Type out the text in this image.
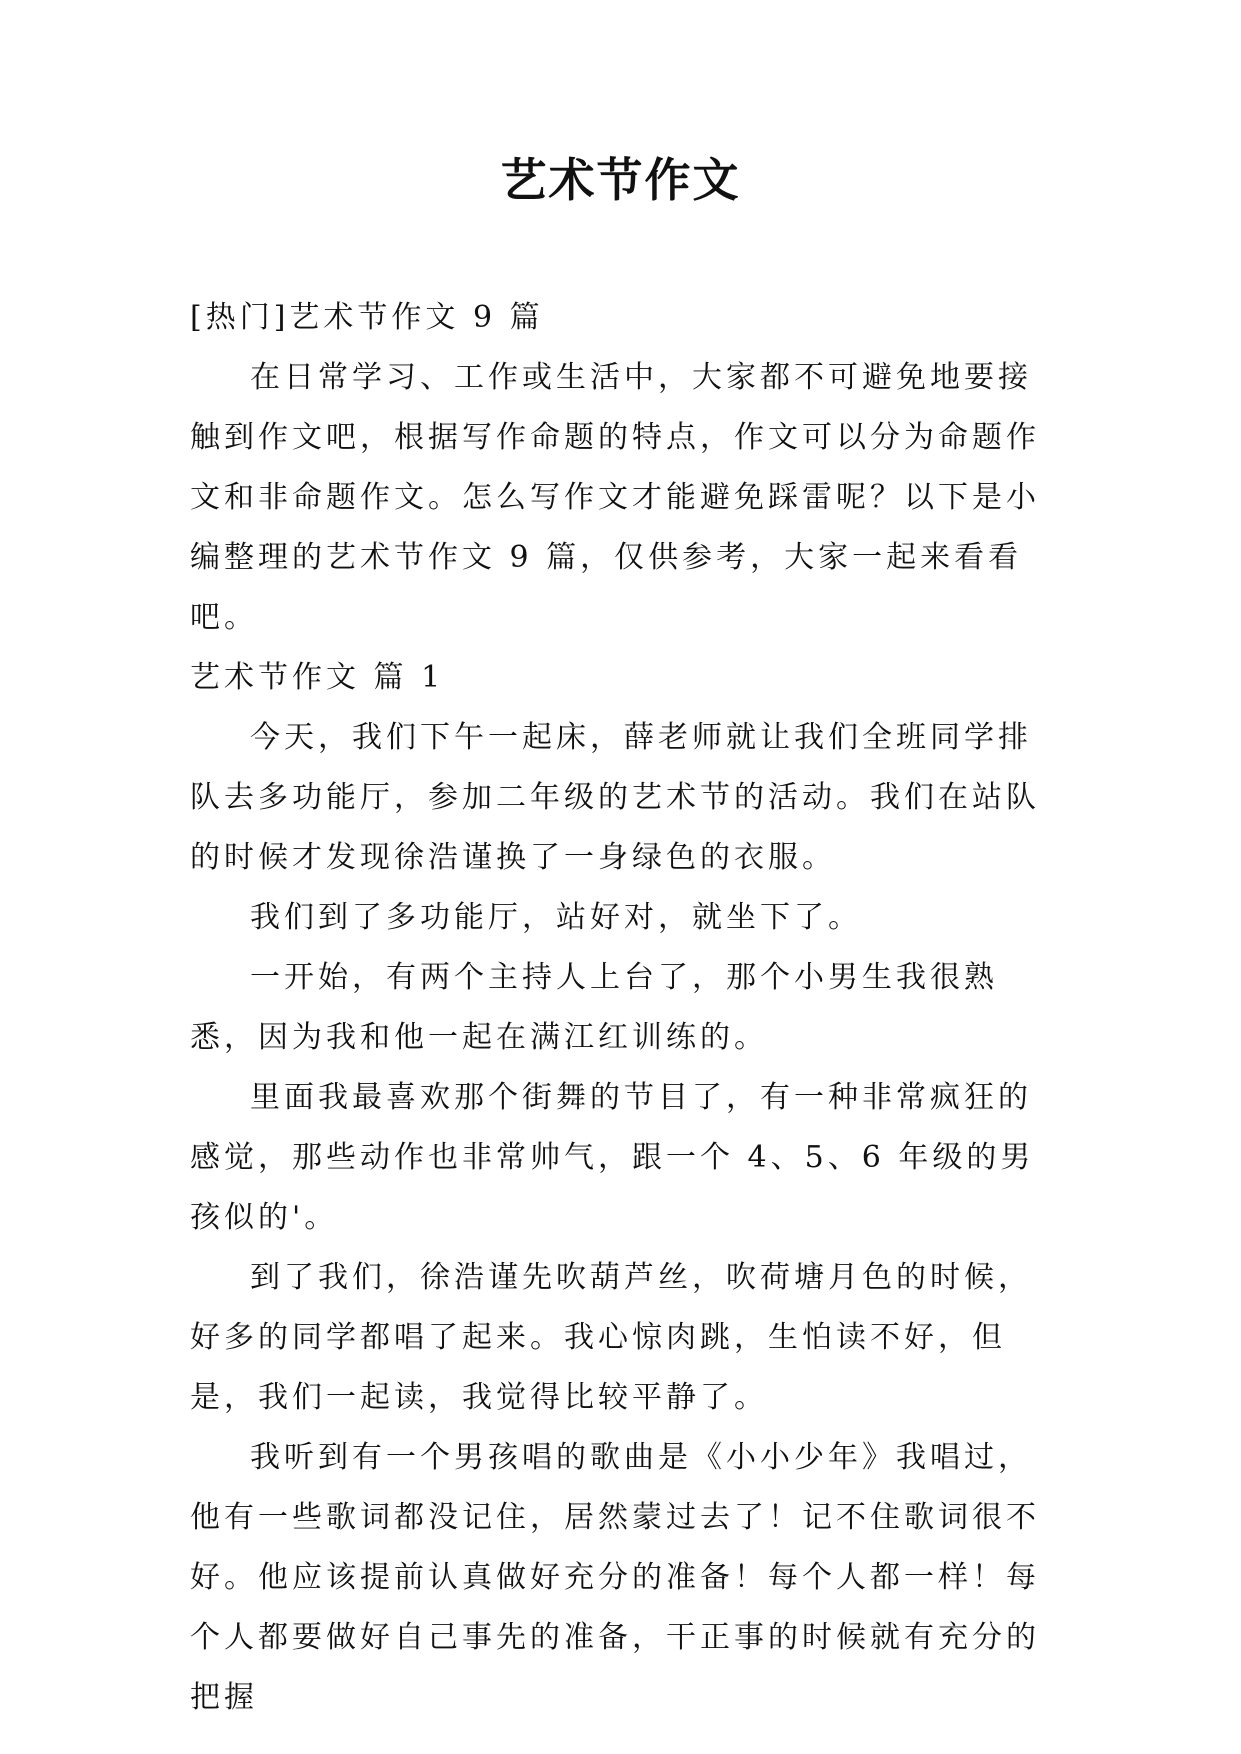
艺术节作文

[热门]艺术节作文 9 篇

在日常学习、工作或生活中，大家都不可避免地要接触到作文吧，根据写作命题的特点，作文可以分为命题作文和非命题作文。怎么写作文才能避免踩雷呢？以下是小编整理的艺术节作文 9 篇，仅供参考，大家一起来看看吧。

艺术节作文 篇 1

今天，我们下午一起床，薛老师就让我们全班同学排队去多功能厅，参加二年级的艺术节的活动。我们在站队的时候才发现徐浩谨换了一身绿色的衣服。

我们到了多功能厅，站好对，就坐下了。

一开始，有两个主持人上台了，那个小男生我很熟悉，因为我和他一起在满江红训练的。

里面我最喜欢那个街舞的节目了，有一种非常疯狂的感觉，那些动作也非常帅气，跟一个 4、5、6 年级的男孩似的'。

到了我们，徐浩谨先吹葫芦丝，吹荷塘月色的时候，好多的同学都唱了起来。我心惊肉跳，生怕读不好，但是，我们一起读，我觉得比较平静了。

我听到有一个男孩唱的歌曲是《小小少年》我唱过，他有一些歌词都没记住，居然蒙过去了！记不住歌词很不好。他应该提前认真做好充分的准备！每个人都一样！每个人都要做好自己事先的准备，干正事的时候就有充分的把握
